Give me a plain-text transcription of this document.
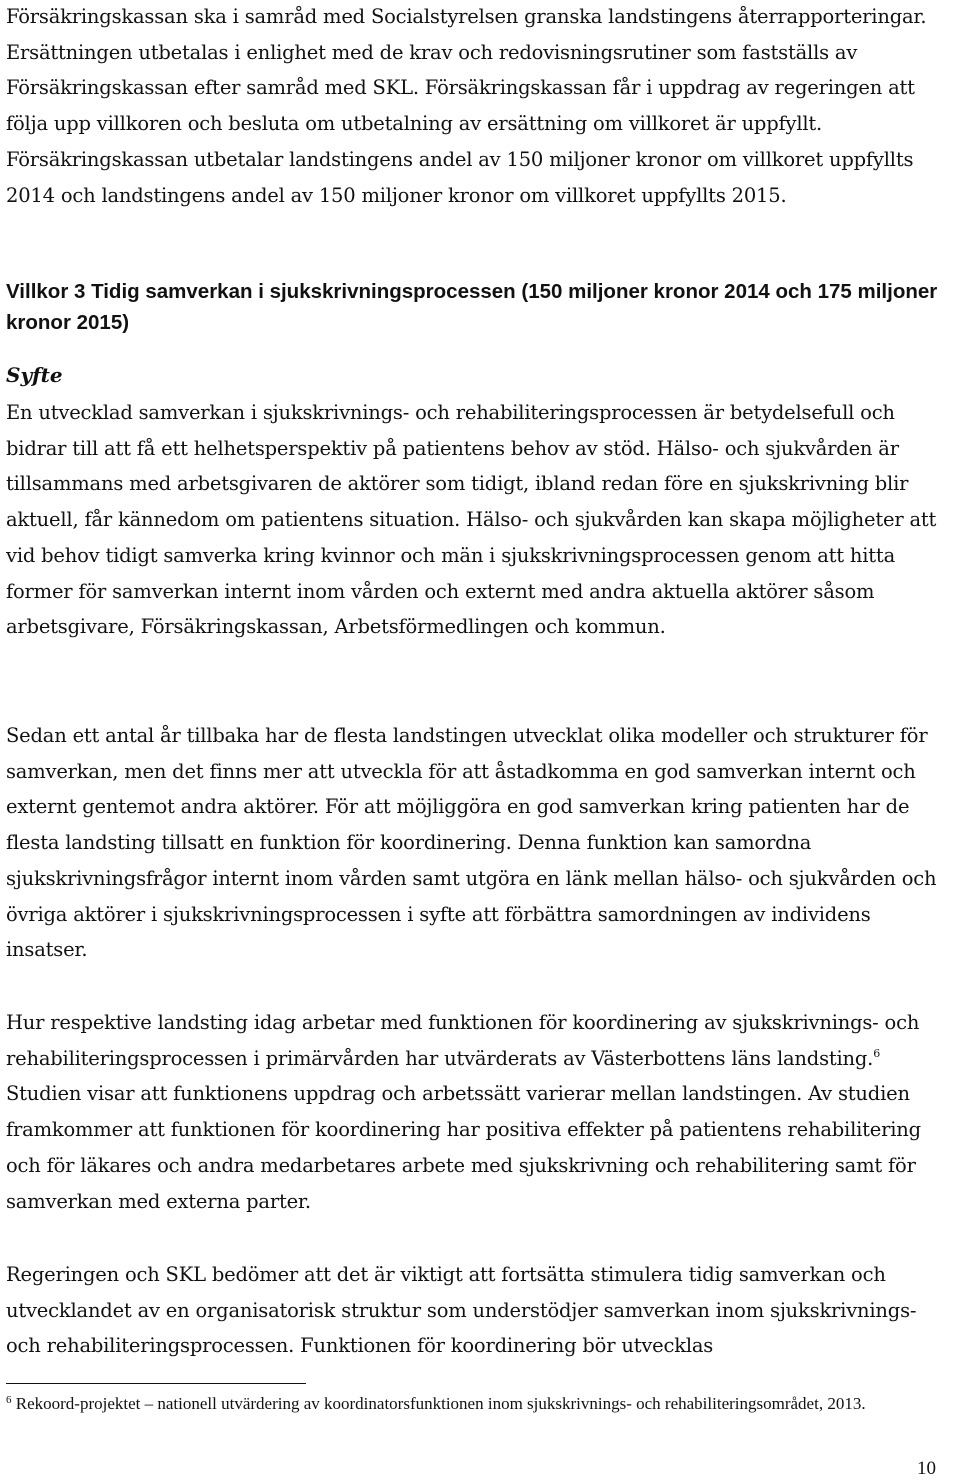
Försäkringskassan ska i samråd med Socialstyrelsen granska landstingens återrapporteringar. Ersättningen utbetalas i enlighet med de krav och redovisningsrutiner som fastställs av Försäkringskassan efter samråd med SKL. Försäkringskassan får i uppdrag av regeringen att följa upp villkoren och besluta om utbetalning av ersättning om villkoret är uppfyllt. Försäkringskassan utbetalar landstingens andel av 150 miljoner kronor om villkoret uppfyllts 2014 och landstingens andel av 150 miljoner kronor om villkoret uppfyllts 2015.

Villkor 3 Tidig samverkan i sjukskrivningsprocessen (150 miljoner kronor 2014 och 175 miljoner kronor 2015)
Syfte

En utvecklad samverkan i sjukskrivnings- och rehabiliteringsprocessen är betydelsefull och bidrar till att få ett helhetsperspektiv på patientens behov av stöd. Hälso- och sjukvården är tillsammans med arbetsgivaren de aktörer som tidigt, ibland redan före en sjukskrivning blir aktuell, får kännedom om patientens situation. Hälso- och sjukvården kan skapa möjligheter att vid behov tidigt samverka kring kvinnor och män i sjukskrivningsprocessen genom att hitta former för samverkan internt inom vården och externt med andra aktuella aktörer såsom arbetsgivare, Försäkringskassan, Arbetsförmedlingen och kommun.

Sedan ett antal år tillbaka har de flesta landstingen utvecklat olika modeller och strukturer för samverkan, men det finns mer att utveckla för att åstadkomma en god samverkan internt och externt gentemot andra aktörer. För att möjliggöra en god samverkan kring patienten har de flesta landsting tillsatt en funktion för koordinering. Denna funktion kan samordna sjukskrivningsfrågor internt inom vården samt utgöra en länk mellan hälso- och sjukvården och övriga aktörer i sjukskrivningsprocessen i syfte att förbättra samordningen av individens insatser.

Hur respektive landsting idag arbetar med funktionen för koordinering av sjukskrivnings- och rehabiliteringsprocessen i primärvården har utvärderats av Västerbottens läns landsting.$^6$ Studien visar att funktionens uppdrag och arbetssätt varierar mellan landstingen. Av studien framkommer att funktionen för koordinering har positiva effekter på patientens rehabilitering och för läkares och andra medarbetares arbete med sjukskrivning och rehabilitering samt för samverkan med externa parter.

Regeringen och SKL bedömer att det är viktigt att fortsätta stimulera tidig samverkan och utvecklandet av en organisatorisk struktur som understödjer samverkan inom sjukskrivnings- och rehabiliteringsprocessen. Funktionen för koordinering bör utvecklas

$^6$ Rekoord-projektet – nationell utvärdering av koordinatorsfunktionen inom sjukskrivnings- och rehabiliteringsområdet, 2013.

10
